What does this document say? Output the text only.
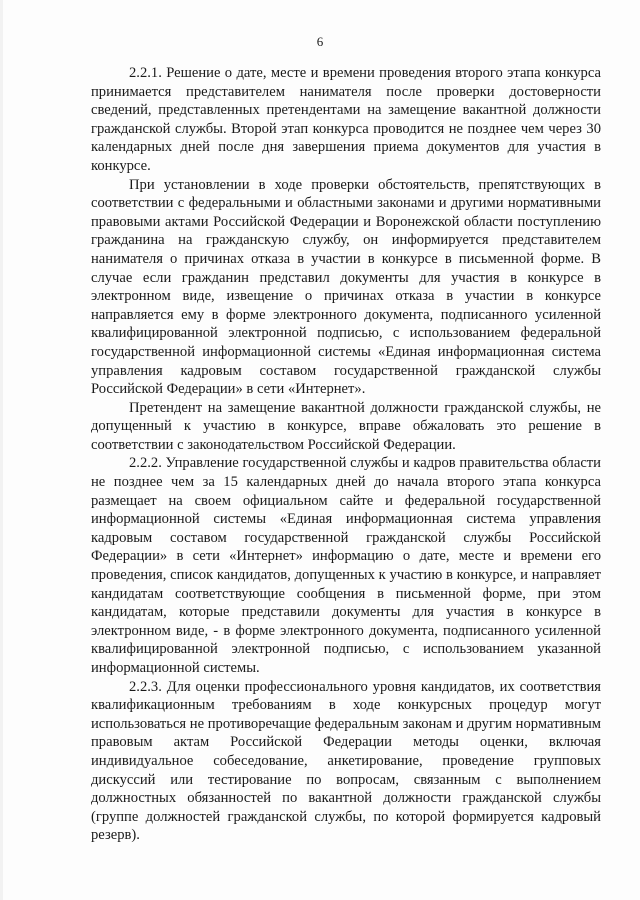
6

2.2.1. Решение о дате, месте и времени проведения второго этапа конкурса принимается представителем нанимателя после проверки достоверности сведений, представленных претендентами на замещение вакантной должности гражданской службы. Второй этап конкурса проводится не позднее чем через 30 календарных дней после дня завершения приема документов для участия в конкурсе.

При установлении в ходе проверки обстоятельств, препятствующих в соответствии с федеральными и областными законами и другими нормативными правовыми актами Российской Федерации и Воронежской области поступлению гражданина на гражданскую службу, он информируется представителем нанимателя о причинах отказа в участии в конкурсе в письменной форме. В случае если гражданин представил документы для участия в конкурсе в электронном виде, извещение о причинах отказа в участии в конкурсе направляется ему в форме электронного документа, подписанного усиленной квалифицированной электронной подписью, с использованием федеральной государственной информационной системы «Единая информационная система управления кадровым составом государственной гражданской службы Российской Федерации» в сети «Интернет».

Претендент на замещение вакантной должности гражданской службы, не допущенный к участию в конкурсе, вправе обжаловать это решение в соответствии с законодательством Российской Федерации.

2.2.2. Управление государственной службы и кадров правительства области не позднее чем за 15 календарных дней до начала второго этапа конкурса размещает на своем официальном сайте и федеральной государственной информационной системы «Единая информационная система управления кадровым составом государственной гражданской службы Российской Федерации» в сети «Интернет» информацию о дате, месте и времени его проведения, список кандидатов, допущенных к участию в конкурсе, и направляет кандидатам соответствующие сообщения в письменной форме, при этом кандидатам, которые представили документы для участия в конкурсе в электронном виде, - в форме электронного документа, подписанного усиленной квалифицированной электронной подписью, с использованием указанной информационной системы.

2.2.3. Для оценки профессионального уровня кандидатов, их соответствия квалификационным требованиям в ходе конкурсных процедур могут использоваться не противоречащие федеральным законам и другим нормативным правовым актам Российской Федерации методы оценки, включая индивидуальное собеседование, анкетирование, проведение групповых дискуссий или тестирование по вопросам, связанным с выполнением должностных обязанностей по вакантной должности гражданской службы (группе должностей гражданской службы, по которой формируется кадровый резерв).
